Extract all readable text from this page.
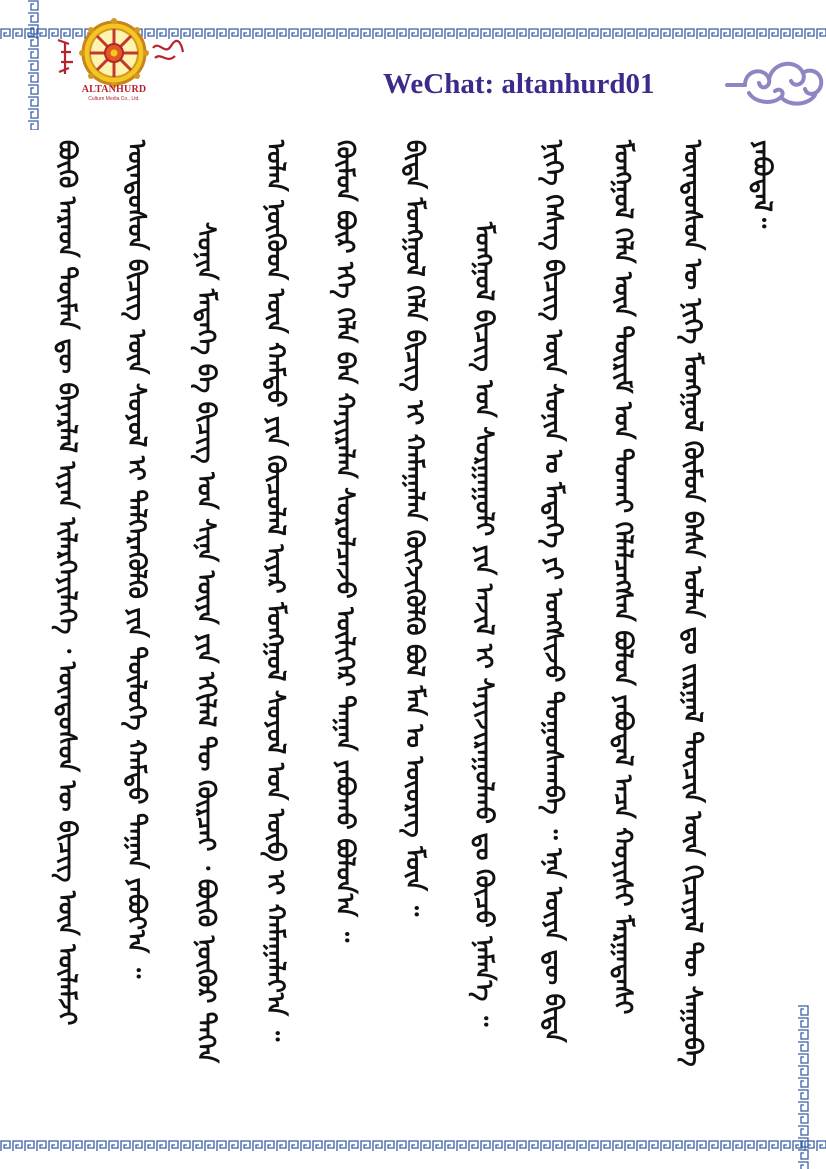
ALTANHURD
Culture Media Co., Ltd.	WeChat: altanhurd01
ᠪᠦᠬᠦ ᠠᠷᠠᠳ ᠲᠦᠮᠡᠨ ᠳᠦ ᠪᠠᠶᠠᠷᠯᠠᠯ ᠢᠶᠡᠨ ᠢᠯᠡᠷᠬᠡᠶᠢᠯᠡᠭᠡ ᠂ ᠦᠨᠳᠦᠰᠦᠨ ᠦ ᠪᠢᠴᠢᠭ ᠦᠨ ᠦᠯᠡᠮᠵᠢ ᠦᠨᠳᠦᠰᠦᠨ ᠪᠢᠴᠢᠭ ᠦᠨ ᠰᠣᠶᠣᠯ ᠢ ᠳᠡᠯᠭᠡᠷᠡᠭᠦᠯᠬᠦ ᠶᠢᠨ ᠲᠥᠯᠦᠭᠡ ᠬᠠᠮᠲᠤ ᠳᠠᠭᠠᠨ ᠶᠠᠪᠤᠶ᠎ᠠ ᠃ ᠰᠣᠨᠢᠨ ᠮᠡᠳᠡᠭᠡ ᠪᠠ ᠪᠢᠴᠢᠭ ᠤᠨ ᠰᠢᠨᠡ ᠦᠶᠡ ᠶᠢᠨ ᠡᠬᠢᠯᠡᠯ ᠲᠦ ᠬᠦᠷᠴᠡᠢ ᠂ ᠪᠦᠬᠦ ᠨᠥᠬᠦᠷ ᠲᠡᠭᠡᠨ ᠣᠯᠠᠨ ᠨᠥᠭᠦᠳ ᠦᠨ ᠬᠠᠮᠲᠤ ᠶᠢᠨ ᠬᠦᠴᠦᠯᠡᠯ ᠢᠶᠡᠷ ᠮᠣᠩᠭᠣᠯ ᠰᠣᠶᠣᠯ ᠤᠨ ᠥᠪ ᠢ ᠬᠠᠮᠠᠭᠠᠯᠠᠶ᠎ᠠ ᠃ ᠬᠦᠮᠦᠨ ᠪᠦᠷ ᠡᠬᠡ ᠬᠡᠯᠡ ᠪᠡᠨ ᠬᠠᠶᠢᠷᠠᠯᠠᠨ ᠰᠤᠷᠤᠯᠴᠠᠵᠤ ᠦᠯᠢᠭᠡᠷ ᠳᠠᠭᠠᠨ ᠶᠠᠪᠤᠬᠤ ᠪᠣᠯᠤᠨ᠎ᠠ ᠃ ᠪᠢᠳᠡ ᠮᠣᠩᠭᠣᠯ ᠬᠡᠯᠡ ᠪᠢᠴᠢᠭ ᠢ ᠬᠠᠮᠠᠭᠠᠯᠠᠨ ᠬᠥᠭᠵᠢᠭᠦᠯᠬᠦ ᠪᠣᠯ ᠮᠠᠨ ᠤ ᠦᠦᠷᠡᠭ ᠮᠥᠨ ᠃ ᠮᠣᠩᠭᠣᠯ ᠪᠢᠴᠢᠭ ᠤᠨ ᠰᠣᠷᠭᠠᠭᠤᠯᠢ ᠶᠢᠨ ᠠᠵᠢᠯ ᠢ ᠰᠠᠶᠢᠵᠢᠷᠠᠭᠤᠯᠬᠤ ᠳᠤ ᠬᠦᠴᠦ ᠨᠡᠮᠡᠨ᠎ᠡ ᠃ ᠨᠢᠭᠡ ᠬᠡᠰᠡᠭ ᠪᠢᠴᠢᠭ ᠦᠨ ᠰᠣᠨᠢᠨ ᠤ ᠮᠡᠳᠡᠭᠡ ᠶᠢ ᠤᠩᠰᠢᠵᠤ ᠳᠤᠭᠤᠰᠬᠠᠪᠠ ᠃ ᠡᠨᠡ ᠦᠶᠡ ᠳᠦ ᠪᠢᠳᠡ ᠮᠣᠩᠭᠣᠯ ᠬᠡᠯᠡ ᠦᠨ ᠳᠦᠷᠢᠮ ᠤᠨ ᠲᠤᠬᠠᠢ ᠬᠡᠯᠡᠯᠴᠡᠭᠰᠡᠨ ᠪᠣᠯᠤᠨ ᠶᠠᠪᠤᠳᠠᠯ ᠠᠴᠠ ᠬᠣᠶᠢᠰᠢ ᠮᠠᠷᠭᠠᠳᠠᠰᠢ ᠦᠨᠳᠦᠰᠦᠨ ᠦ ᠨᠢᠭᠡ ᠮᠣᠩᠭᠣᠯ ᠬᠥᠮᠥᠨ ᠪᠠᠰᠠ ᠣᠯᠠᠨ ᠳᠤ ᠵᠢᠷᠭᠠᠯ ᠳᠥᠴᠢᠨ ᠦᠨ ᠬᠢᠴᠢᠶᠡᠯ ᠲᠦ ᠰᠠᠭᠤᠪᠠ ᠶᠠᠪᠤᠳᠠᠯ᠃
